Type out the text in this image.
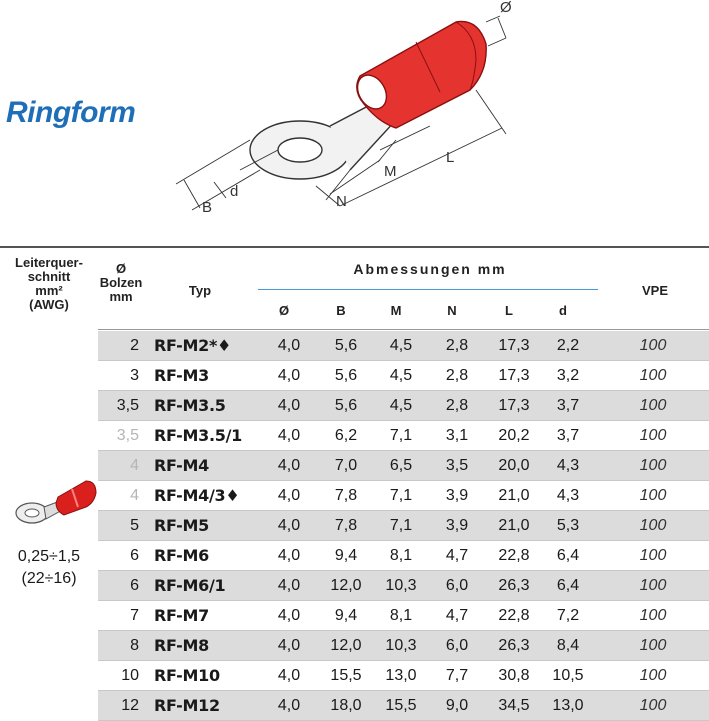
Ringform
Ø
d
B	N
M
L
Leiterquer-
schnitt
mm²
(AWG)
Ø
Bolzen
mm	Typ
Abmessungen mm
VPE
Ø	B	M	N	L	d
0,25÷1,5
(22÷16)
2 RF-M2*♦	4,0	5,6	4,5	2,8	17,3	2,2	100
3 RF-M3	4,0	5,6	4,5	2,8	17,3	3,2	100
3,5 RF-M3.5	4,0	5,6	4,5	2,8	17,3	3,7	100
3,5 RF-M3.5/1	4,0	6,2	7,1	3,1	20,2	3,7	100
4 RF-M4	4,0	7,0	6,5	3,5	20,0	4,3	100
4 RF-M4/3♦	4,0	7,8	7,1	3,9	21,0	4,3	100
5 RF-M5	4,0	7,8	7,1	3,9	21,0	5,3	100
6 RF-M6	4,0	9,4	8,1	4,7	22,8	6,4	100
6 RF-M6/1	4,0	12,0	10,3	6,0	26,3	6,4	100
7 RF-M7	4,0	9,4	8,1	4,7	22,8	7,2	100
8 RF-M8	4,0	12,0	10,3	6,0	26,3	8,4	100
10 RF-M10	4,0	15,5	13,0	7,7	30,8	10,5	100
12 RF-M12	4,0	18,0	15,5	9,0	34,5	13,0	100
